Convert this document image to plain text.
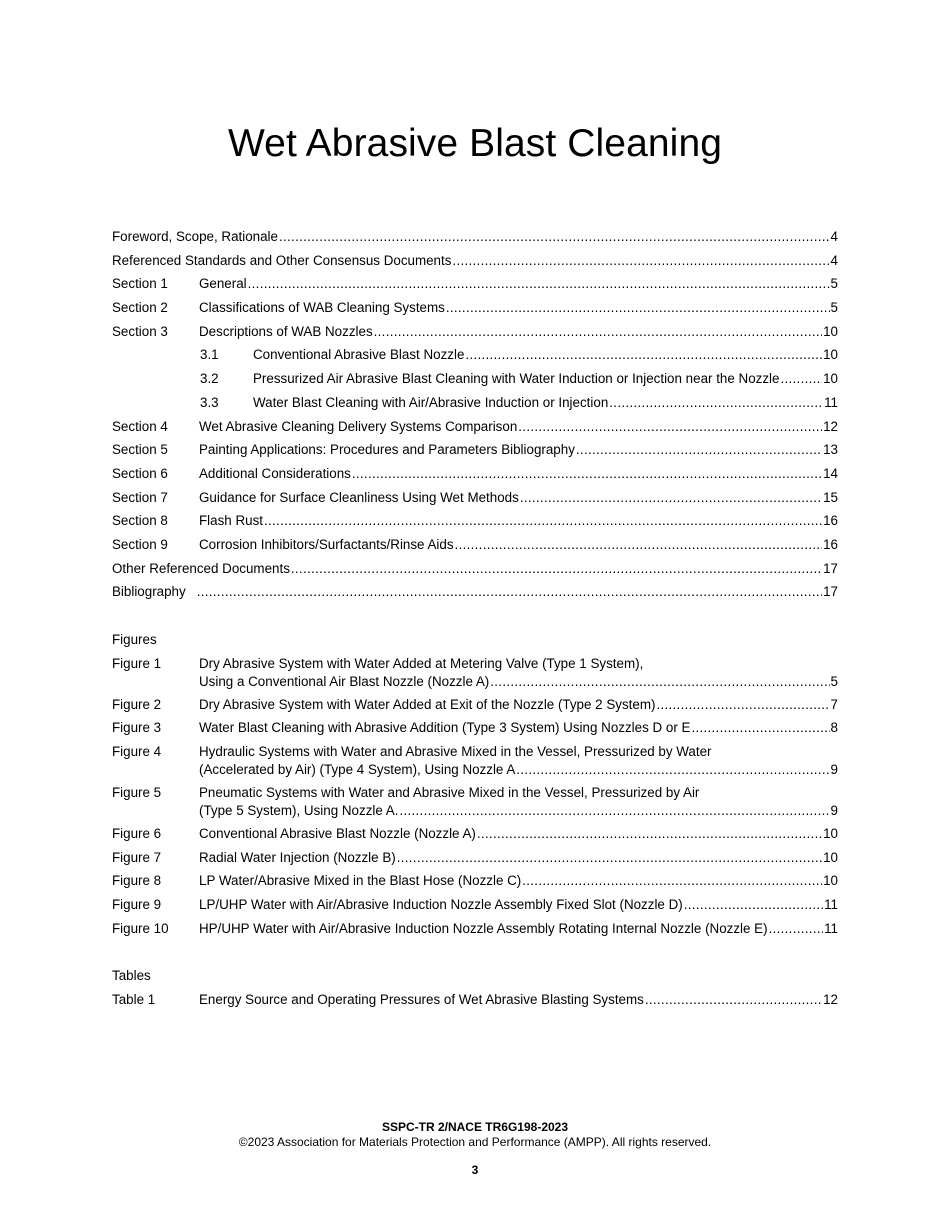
Wet Abrasive Blast Cleaning
Foreword, Scope, Rationale .....	4
Referenced Standards and Other Consensus Documents .....	4
Section 1 General .....	5
Section 2 Classifications of WAB Cleaning Systems .....	5
Section 3 Descriptions of WAB Nozzles .....	10
3.1	Conventional Abrasive Blast Nozzle .....	10
3.2	Pressurized Air Abrasive Blast Cleaning with Water Induction or Injection near the Nozzle .....	10
3.3	Water Blast Cleaning with Air/Abrasive Induction or Injection .....	11
Section 4 Wet Abrasive Cleaning Delivery Systems Comparison .....	12
Section 5 Painting Applications: Procedures and Parameters Bibliography .....	13
Section 6 Additional Considerations .....	14
Section 7 Guidance for Surface Cleanliness Using Wet Methods .....	15
Section 8 Flash Rust .....	16
Section 9 Corrosion Inhibitors/Surfactants/Rinse Aids .....	16
Other Referenced Documents .....	17
Bibliography .....	17
Figures
Figure 1	Dry Abrasive System with Water Added at Metering Valve (Type 1 System),
Using a Conventional Air Blast Nozzle (Nozzle A) .....	5
Figure 2	Dry Abrasive System with Water Added at Exit of the Nozzle (Type 2 System) .....	7
Figure 3	Water Blast Cleaning with Abrasive Addition (Type 3 System) Using Nozzles D or E .....	8
Figure 4	Hydraulic Systems with Water and Abrasive Mixed in the Vessel, Pressurized by Water
(Accelerated by Air) (Type 4 System), Using Nozzle A .....	9
Figure 5	Pneumatic Systems with Water and Abrasive Mixed in the Vessel, Pressurized by Air
(Type 5 System), Using Nozzle A. .....	9
Figure 6	Conventional Abrasive Blast Nozzle (Nozzle A) .....	10
Figure 7	Radial Water Injection (Nozzle B) .....	10
Figure 8	LP Water/Abrasive Mixed in the Blast Hose (Nozzle C) .....	10
Figure 9	LP/UHP Water with Air/Abrasive Induction Nozzle Assembly Fixed Slot (Nozzle D) .....	11
Figure 10 HP/UHP Water with Air/Abrasive Induction Nozzle Assembly Rotating Internal Nozzle (Nozzle E) .....	11
Tables
Table 1	Energy Source and Operating Pressures of Wet Abrasive Blasting Systems .....	12
SSPC-TR 2/NACE TR6G198-2023
©2023 Association for Materials Protection and Performance (AMPP). All rights reserved.
3
